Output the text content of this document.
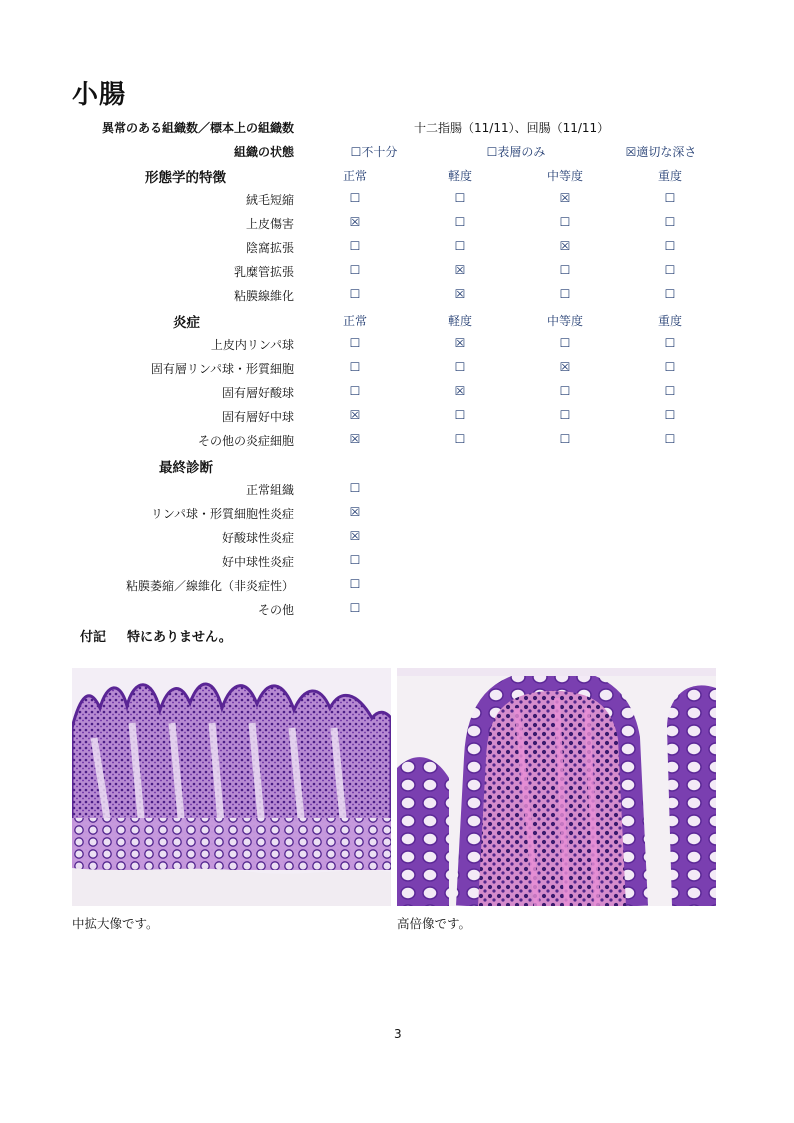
小腸
異常のある組織数／標本上の組織数	十二指腸（11/11）、回腸（11/11）
組織の状態	☐不十分	☐表層のみ	☒適切な深さ
形態学的特徴	正常	軽度	中等度	重度
絨毛短縮	☐	☐	☒	☐
上皮傷害	☒	☐	☐	☐
陰窩拡張	☐	☐	☒	☐
乳糜管拡張	☐	☒	☐	☐
粘膜線維化	☐	☒	☐	☐
炎症	正常	軽度	中等度	重度
上皮内リンパ球	☐	☒	☐	☐
固有層リンパ球・形質細胞	☐	☐	☒	☐
固有層好酸球	☐	☒	☐	☐
固有層好中球	☒	☐	☐	☐
その他の炎症細胞	☒	☐	☐	☐
最終診断
正常組織	☐
リンパ球・形質細胞性炎症	☒
好酸球性炎症	☒
好中球性炎症	☐
粘膜萎縮／線維化（非炎症性）	☐
その他	☐
付記 特にありません。
中拡大像です。	高倍像です。
3
